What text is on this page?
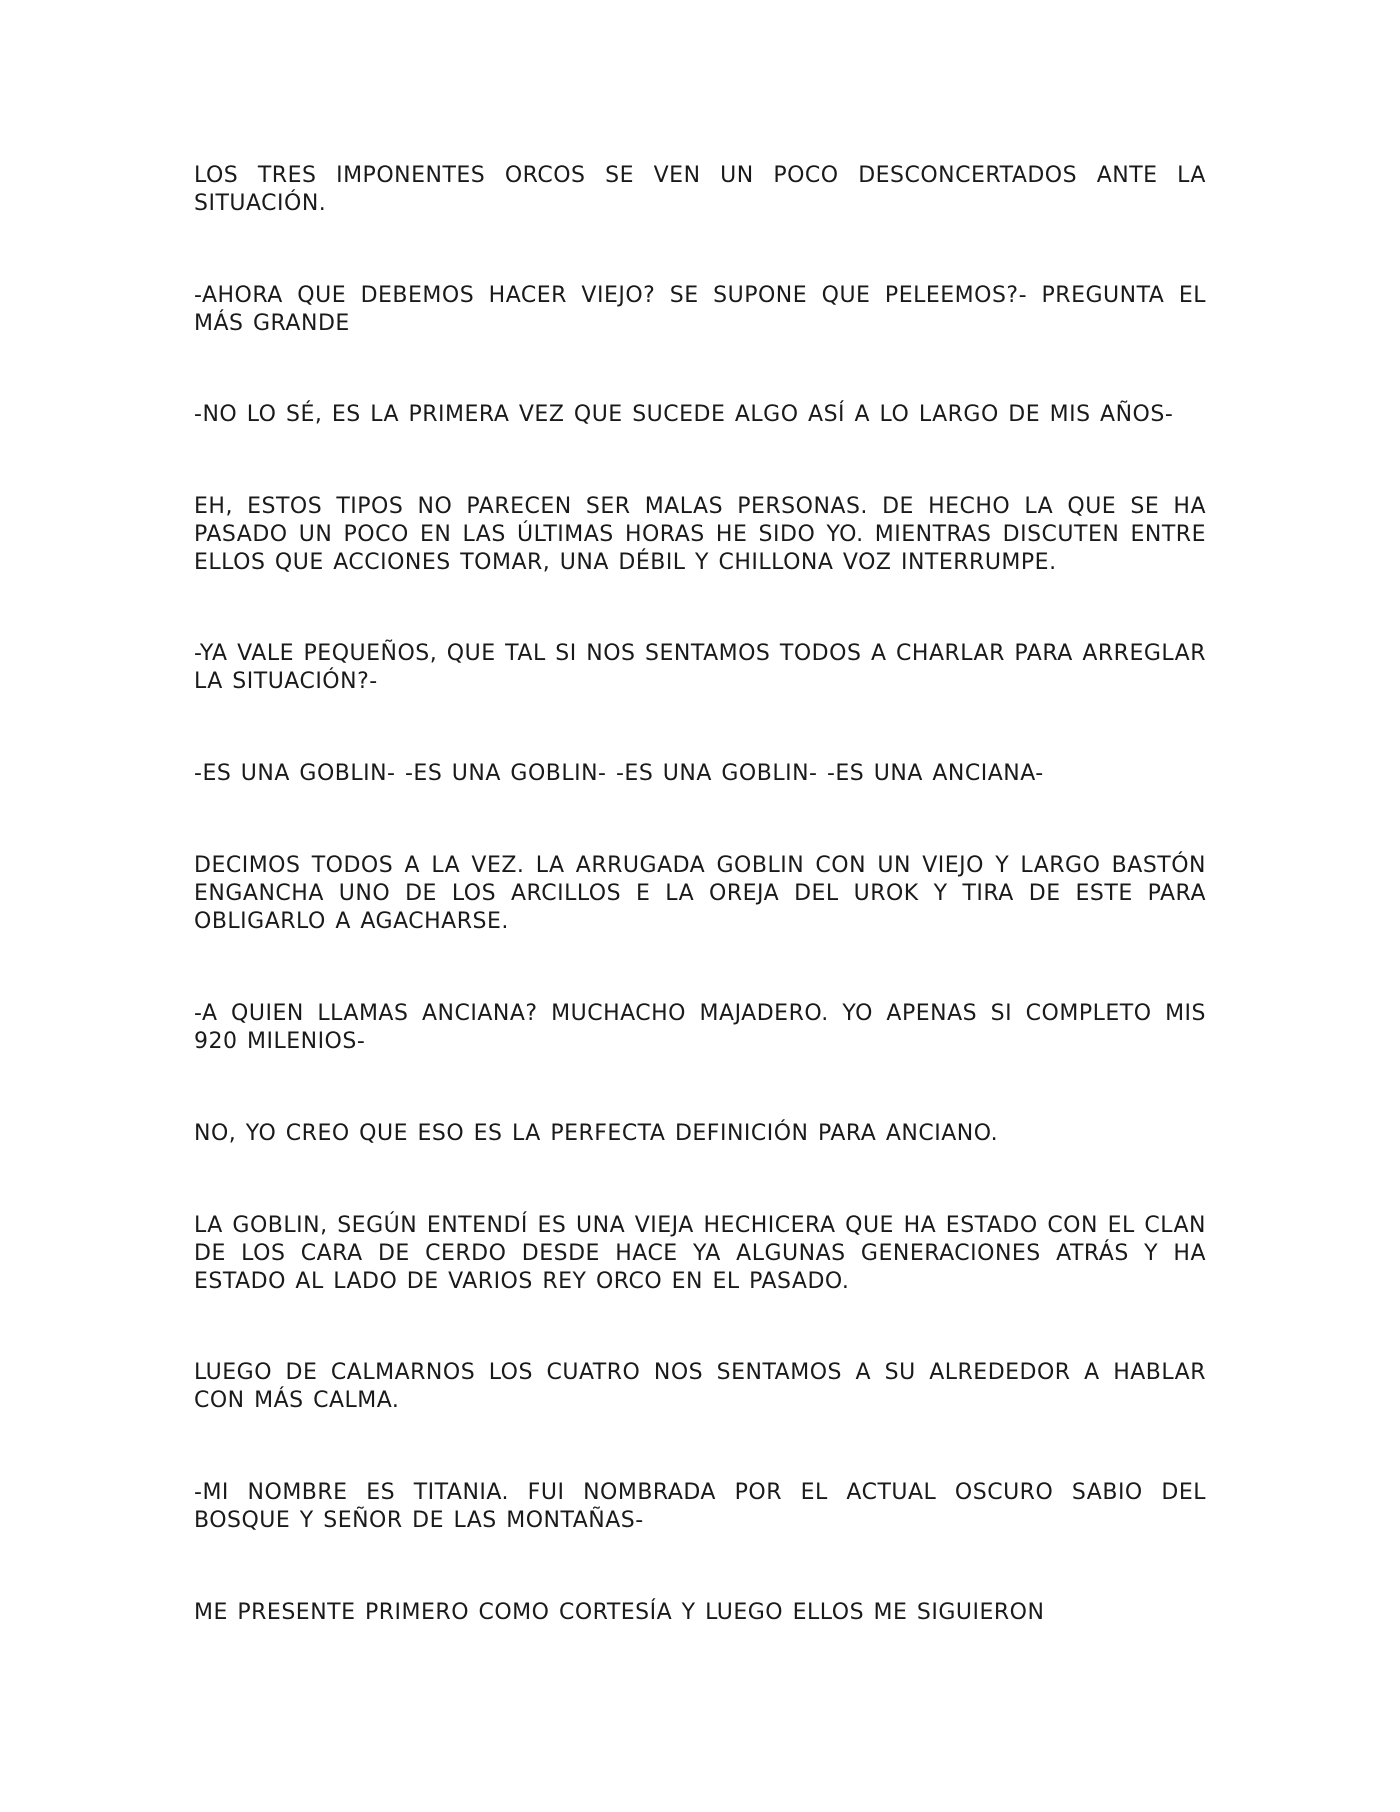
LOS TRES IMPONENTES ORCOS SE VEN UN POCO DESCONCERTADOS ANTE LA SITUACIÓN.

-AHORA QUE DEBEMOS HACER VIEJO? SE SUPONE QUE PELEEMOS?- PREGUNTA EL MÁS GRANDE

-NO LO SÉ, ES LA PRIMERA VEZ QUE SUCEDE ALGO ASÍ A LO LARGO DE MIS AÑOS-

EH, ESTOS TIPOS NO PARECEN SER MALAS PERSONAS. DE HECHO LA QUE SE HA PASADO UN POCO EN LAS ÚLTIMAS HORAS HE SIDO YO. MIENTRAS DISCUTEN ENTRE ELLOS QUE ACCIONES TOMAR, UNA DÉBIL Y CHILLONA VOZ INTERRUMPE.

-YA VALE PEQUEÑOS, QUE TAL SI NOS SENTAMOS TODOS A CHARLAR PARA ARREGLAR LA SITUACIÓN?-

-ES UNA GOBLIN- -ES UNA GOBLIN- -ES UNA GOBLIN- -ES UNA ANCIANA-

DECIMOS TODOS A LA VEZ. LA ARRUGADA GOBLIN CON UN VIEJO Y LARGO BASTÓN ENGANCHA UNO DE LOS ARCILLOS E LA OREJA DEL UROK Y TIRA DE ESTE PARA OBLIGARLO A AGACHARSE.

-A QUIEN LLAMAS ANCIANA? MUCHACHO MAJADERO. YO APENAS SI COMPLETO MIS 920 MILENIOS-

NO, YO CREO QUE ESO ES LA PERFECTA DEFINICIÓN PARA ANCIANO.

LA GOBLIN, SEGÚN ENTENDÍ ES UNA VIEJA HECHICERA QUE HA ESTADO CON EL CLAN DE LOS CARA DE CERDO DESDE HACE YA ALGUNAS GENERACIONES ATRÁS Y HA ESTADO AL LADO DE VARIOS REY ORCO EN EL PASADO.

LUEGO DE CALMARNOS LOS CUATRO NOS SENTAMOS A SU ALREDEDOR A HABLAR CON MÁS CALMA.

-MI NOMBRE ES TITANIA. FUI NOMBRADA POR EL ACTUAL OSCURO SABIO DEL BOSQUE Y SEÑOR DE LAS MONTAÑAS-

ME PRESENTE PRIMERO COMO CORTESÍA Y LUEGO ELLOS ME SIGUIERON
